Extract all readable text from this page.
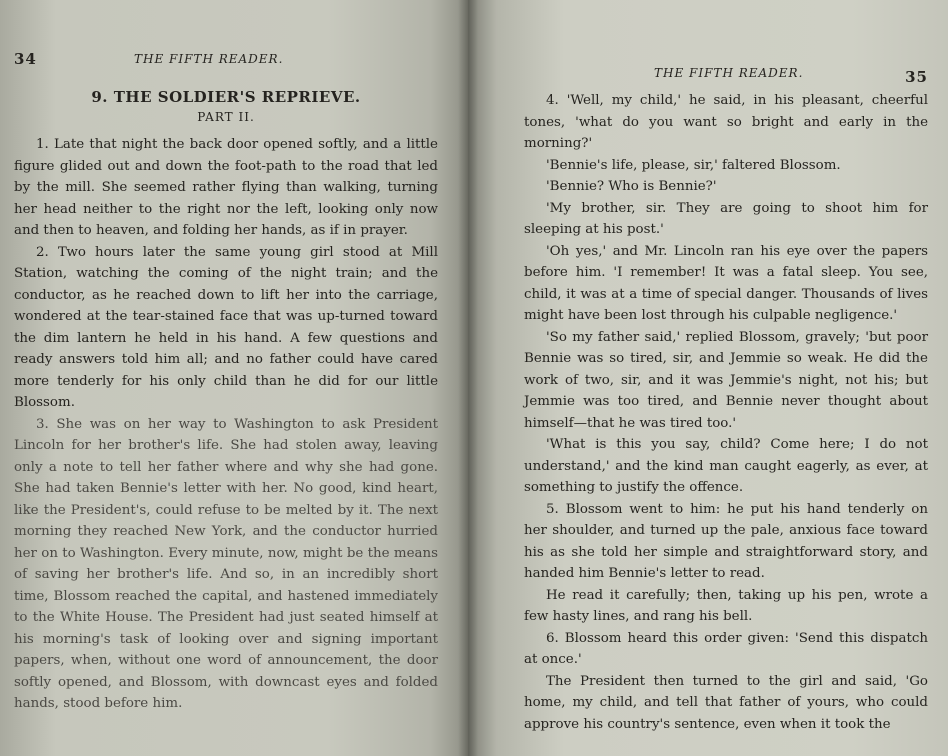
34	THE FIFTH READER.
9. THE SOLDIER'S REPRIEVE.
PART II.

1. Late that night the back door opened softly, and a little figure glided out and down the foot-path to the road that led by the mill. She seemed rather flying than walking, turning her head neither to the right nor the left, looking only now and then to heaven, and folding her hands, as if in prayer.

2. Two hours later the same young girl stood at Mill Station, watching the coming of the night train; and the conductor, as he reached down to lift her into the carriage, wondered at the tear-stained face that was up-turned toward the dim lantern he held in his hand. A few questions and ready answers told him all; and no father could have cared more tenderly for his only child than he did for our little Blossom.

3. She was on her way to Washington to ask President Lincoln for her brother's life. She had stolen away, leaving only a note to tell her father where and why she had gone. She had taken Bennie's letter with her. No good, kind heart, like the President's, could refuse to be melted by it. The next morning they reached New York, and the conductor hurried her on to Washington. Every minute, now, might be the means of saving her brother's life. And so, in an incredibly short time, Blossom reached the capital, and hastened immediately to the White House. The President had just seated himself at his morning's task of looking over and signing important papers, when, without one word of announcement, the door softly opened, and Blossom, with downcast eyes and folded hands, stood before him.

THE FIFTH READER.	35

4. 'Well, my child,' he said, in his pleasant, cheerful tones, 'what do you want so bright and early in the morning?'

'Bennie's life, please, sir,' faltered Blossom.

'Bennie? Who is Bennie?'

'My brother, sir. They are going to shoot him for sleeping at his post.'

'Oh yes,' and Mr. Lincoln ran his eye over the papers before him. 'I remember! It was a fatal sleep. You see, child, it was at a time of special danger. Thousands of lives might have been lost through his culpable negligence.'

'So my father said,' replied Blossom, gravely; 'but poor Bennie was so tired, sir, and Jemmie so weak. He did the work of two, sir, and it was Jemmie's night, not his; but Jemmie was too tired, and Bennie never thought about himself—that he was tired too.'

'What is this you say, child? Come here; I do not understand,' and the kind man caught eagerly, as ever, at something to justify the offence.

5. Blossom went to him: he put his hand tenderly on her shoulder, and turned up the pale, anxious face toward his as she told her simple and straightforward story, and handed him Bennie's letter to read.

He read it carefully; then, taking up his pen, wrote a few hasty lines, and rang his bell.

6. Blossom heard this order given: 'Send this dispatch at once.'

The President then turned to the girl and said, 'Go home, my child, and tell that father of yours, who could approve his country's sentence, even when it took the
